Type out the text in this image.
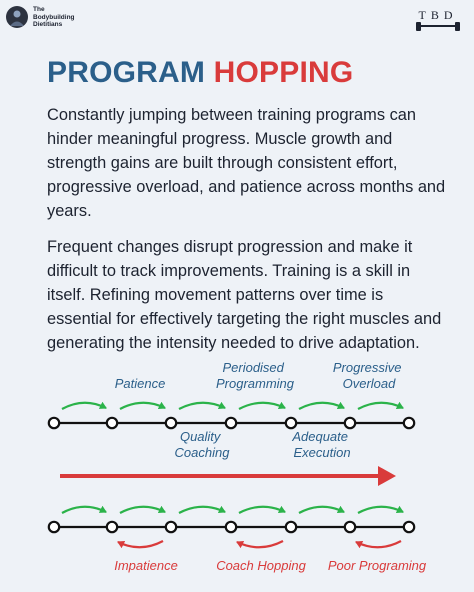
The
Bodybuilding
Dietitians
TBD
PROGRAM HOPPING

Constantly jumping between training programs can hinder meaningful progress. Muscle growth and strength gains are built through consistent effort, progressive overload, and patience across months and years.

Frequent changes disrupt progression and make it difficult to track improvements. Training is a skill in itself. Refining movement patterns over time is essential for effectively targeting the right muscles and generating the intensity needed to drive adaptation.

Patience
Periodised Programming
Progressive Overload
Quality Coaching
Adequate Execution
Impatience	Coach Hopping Poor Programing
